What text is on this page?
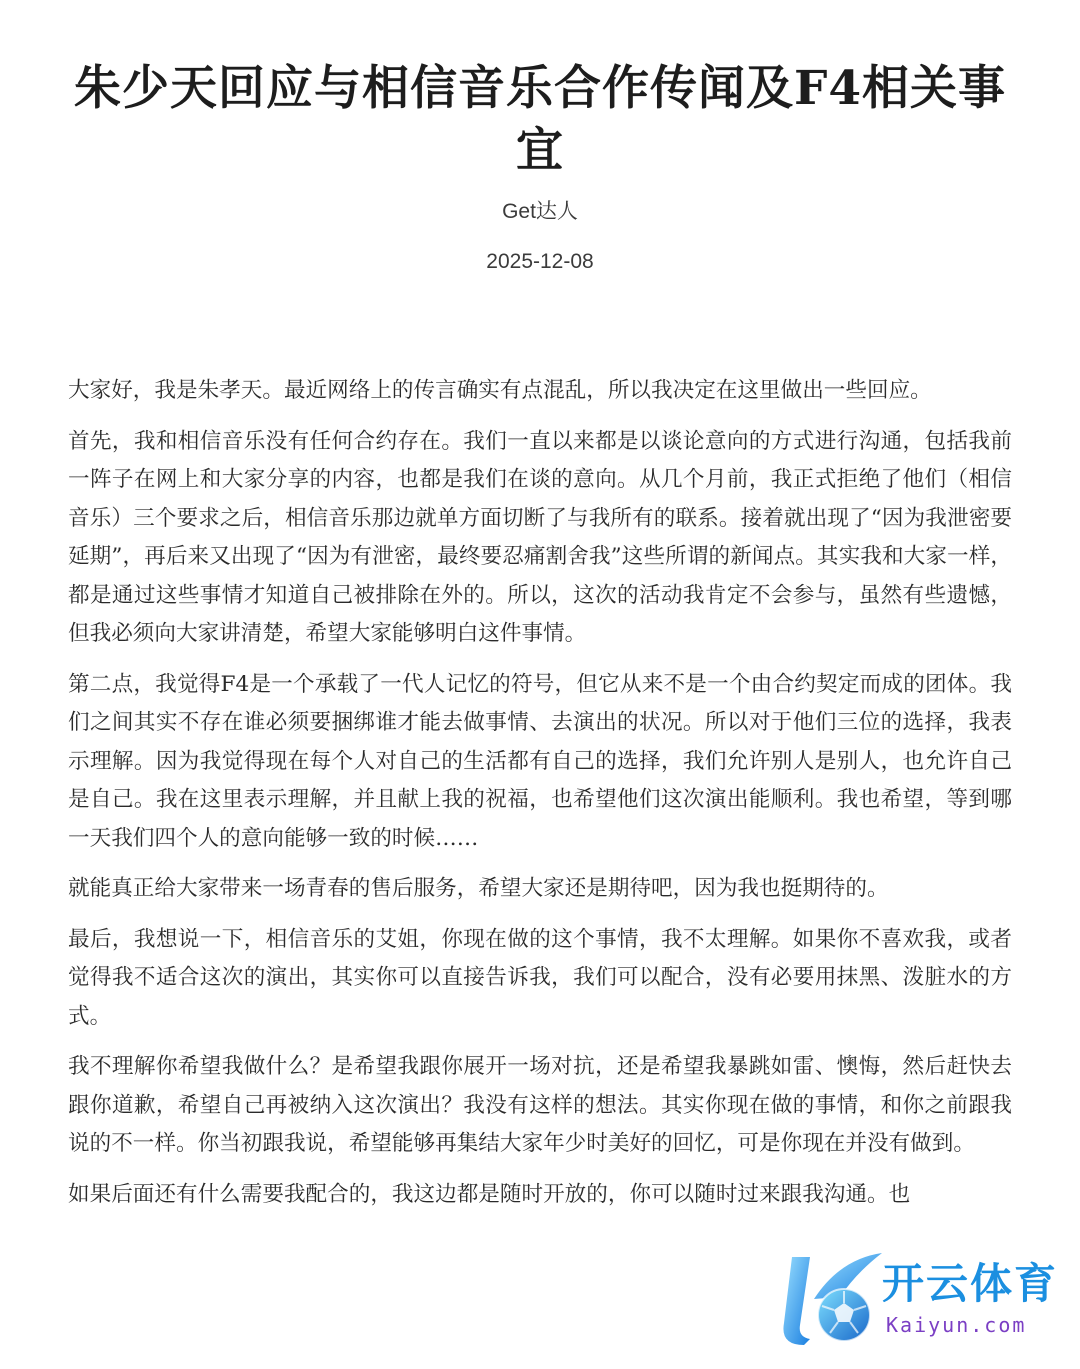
朱少天回应与相信音乐合作传闻及F4相关事宜
Get达人
2025-12-08

大家好，我是朱孝天。最近网络上的传言确实有点混乱，所以我决定在这里做出一些回应。

首先，我和相信音乐没有任何合约存在。我们一直以来都是以谈论意向的方式进行沟通，包括我前一阵子在网上和大家分享的内容，也都是我们在谈的意向。从几个月前，我正式拒绝了他们（相信音乐）三个要求之后，相信音乐那边就单方面切断了与我所有的联系。接着就出现了“因为我泄密要延期”，再后来又出现了“因为有泄密，最终要忍痛割舍我”这些所谓的新闻点。其实我和大家一样，都是通过这些事情才知道自己被排除在外的。所以，这次的活动我肯定不会参与，虽然有些遗憾，但我必须向大家讲清楚，希望大家能够明白这件事情。

第二点，我觉得F4是一个承载了一代人记忆的符号，但它从来不是一个由合约契定而成的团体。我们之间其实不存在谁必须要捆绑谁才能去做事情、去演出的状况。所以对于他们三位的选择，我表示理解。因为我觉得现在每个人对自己的生活都有自己的选择，我们允许别人是别人，也允许自己是自己。我在这里表示理解，并且献上我的祝福，也希望他们这次演出能顺利。我也希望，等到哪一天我们四个人的意向能够一致的时候……

就能真正给大家带来一场青春的售后服务，希望大家还是期待吧，因为我也挺期待的。

最后，我想说一下，相信音乐的艾姐，你现在做的这个事情，我不太理解。如果你不喜欢我，或者觉得我不适合这次的演出，其实你可以直接告诉我，我们可以配合，没有必要用抹黑、泼脏水的方式。

我不理解你希望我做什么？是希望我跟你展开一场对抗，还是希望我暴跳如雷、懊悔，然后赶快去跟你道歉，希望自己再被纳入这次演出？我没有这样的想法。其实你现在做的事情，和你之前跟我说的不一样。你当初跟我说，希望能够再集结大家年少时美好的回忆，可是你现在并没有做到。

如果后面还有什么需要我配合的，我这边都是随时开放的，你可以随时过来跟我沟通。也

开云体育
Kaiyun.com
